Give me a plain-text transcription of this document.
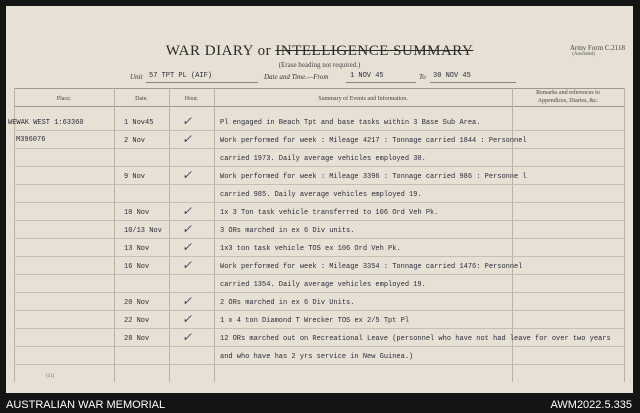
WAR DIARY or INTELLIGENCE SUMMARY
(Erase heading not required.)
Army Form C.2118
(Amended)
Unit 57 TPT PL (AIF)	Date and Time.—From	1 NOV 45	To 30 NOV 45
Place.	Date.	Hour.	Summary of Events and Information.
Remarks and references to
Appendices, Diaries, &c.
WEWAK WEST 1:63360
M396076
1 Nov45 ✓	Pl engaged in Beach Tpt and base tasks within 3 Base Sub Area.
2 Nov	✓	Work performed for week : Mileage 4217 : Tonnage carried 1844 : Personnel
carried 1973. Daily average vehicles employed 30.
9 Nov	✓	Work performed for week : Mileage 3396 : Tonnage carried 986 : Personne l
carried 985. Daily average vehicles employed 19.
10 Nov	✓	1x 3 Ton task vehicle transferred to 106 Ord Veh Pk.
10/13 Nov ✓	3 ORs marched in ex 6 Div units.
13 Nov	✓	1x3 ton task vehicle TOS ex 106 Ord Veh Pk.
16 Nov	✓	Work performed for week : Mileage 3354 : Tonnage carried 1476: Personnel
carried 1354. Daily average vehicles employed 19.
20 Nov	✓	2 ORs marched in ex 6 Div Units.
22 Nov	✓	1 x 4 ton Diamond T Wrecker TOS ex 2/5 Tpt Pl
28 Nov	✓	12 ORs marched out on Recreational Leave (personnel who have not had leave for over two years
and who have has 2 yrs service in New Guinea.)
(11)
AUSTRALIAN WAR MEMORIAL	AWM2022.5.335
